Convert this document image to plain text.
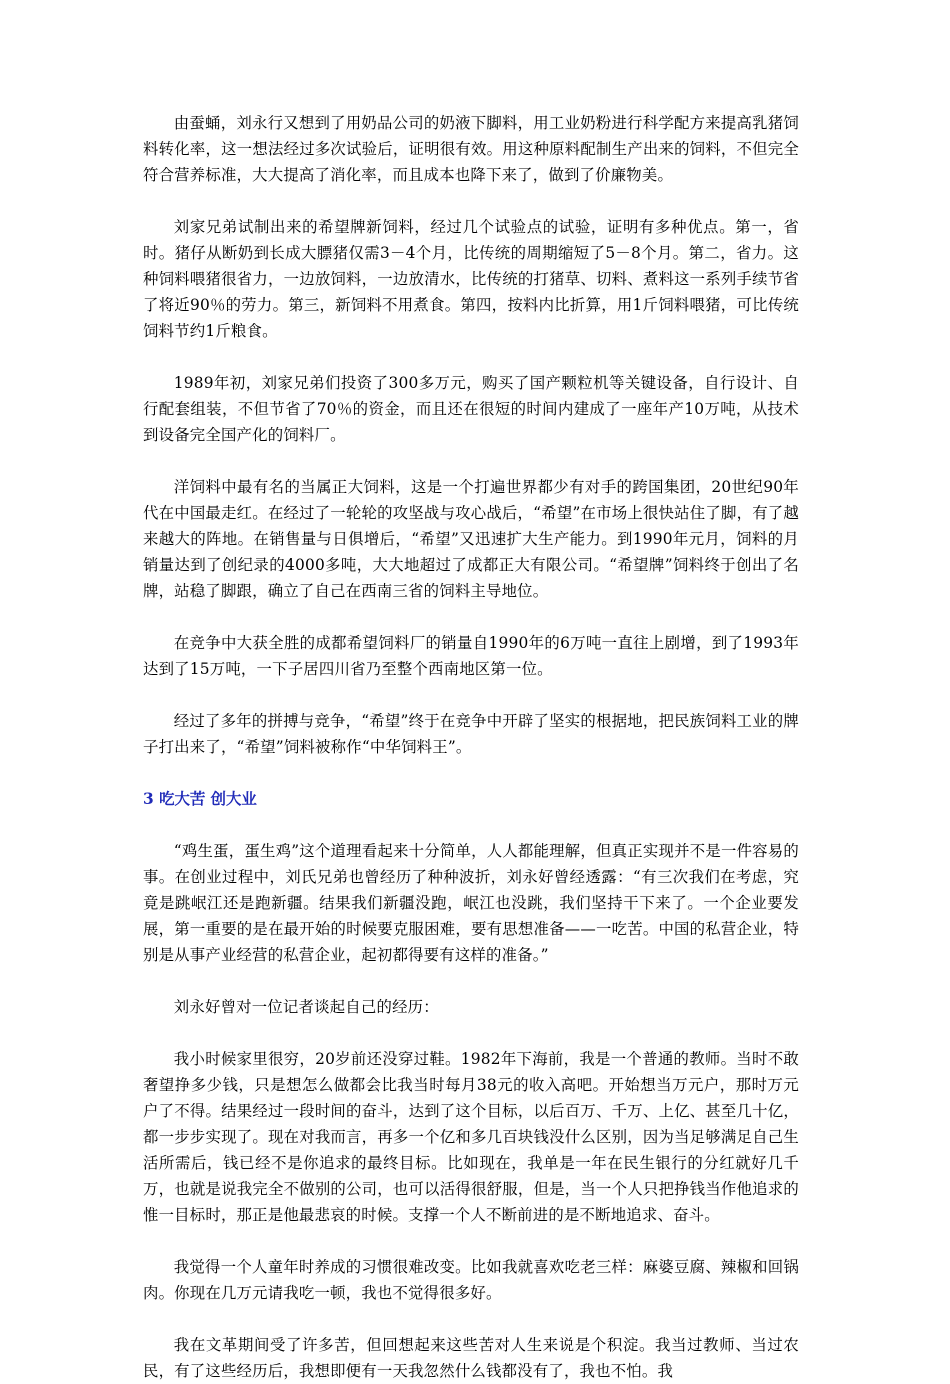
由蚕蛹，刘永行又想到了用奶品公司的奶液下脚料，用工业奶粉进行科学配方来提高乳猪饲料转化率，这一想法经过多次试验后，证明很有效。用这种原料配制生产出来的饲料，不但完全符合营养标准，大大提高了消化率，而且成本也降下来了，做到了价廉物美。

刘家兄弟试制出来的希望牌新饲料，经过几个试验点的试验，证明有多种优点。第一，省时。猪仔从断奶到长成大膘猪仅需3－4个月，比传统的周期缩短了5－8个月。第二，省力。这种饲料喂猪很省力，一边放饲料，一边放清水，比传统的打猪草、切料、煮料这一系列手续节省了将近90％的劳力。第三，新饲料不用煮食。第四，按料内比折算，用1斤饲料喂猪，可比传统饲料节约1斤粮食。

1989年初，刘家兄弟们投资了300多万元，购买了国产颗粒机等关键设备，自行设计、自行配套组装，不但节省了70％的资金，而且还在很短的时间内建成了一座年产10万吨，从技术到设备完全国产化的饲料厂。

洋饲料中最有名的当属正大饲料，这是一个打遍世界都少有对手的跨国集团，20世纪90年代在中国最走红。在经过了一轮轮的攻坚战与攻心战后，“希望”在市场上很快站住了脚，有了越来越大的阵地。在销售量与日俱增后，“希望”又迅速扩大生产能力。到1990年元月，饲料的月销量达到了创纪录的4000多吨，大大地超过了成都正大有限公司。“希望牌”饲料终于创出了名牌，站稳了脚跟，确立了自己在西南三省的饲料主导地位。

在竞争中大获全胜的成都希望饲料厂的销量自1990年的6万吨一直往上剧增，到了1993年达到了15万吨，一下子居四川省乃至整个西南地区第一位。

经过了多年的拼搏与竞争，“希望”终于在竞争中开辟了坚实的根据地，把民族饲料工业的牌子打出来了，“希望”饲料被称作“中华饲料王”。

3 吃大苦 创大业

“鸡生蛋，蛋生鸡”这个道理看起来十分简单，人人都能理解，但真正实现并不是一件容易的事。在创业过程中，刘氏兄弟也曾经历了种种波折，刘永好曾经透露：“有三次我们在考虑，究竟是跳岷江还是跑新疆。结果我们新疆没跑，岷江也没跳，我们坚持干下来了。一个企业要发展，第一重要的是在最开始的时候要克服困难，要有思想准备——一吃苦。中国的私营企业，特别是从事产业经营的私营企业，起初都得要有这样的准备。”

刘永好曾对一位记者谈起自己的经历：

我小时候家里很穷，20岁前还没穿过鞋。1982年下海前，我是一个普通的教师。当时不敢奢望挣多少钱，只是想怎么做都会比我当时每月38元的收入高吧。开始想当万元户，那时万元户了不得。结果经过一段时间的奋斗，达到了这个目标，以后百万、千万、上亿、甚至几十亿，都一步步实现了。现在对我而言，再多一个亿和多几百块钱没什么区别，因为当足够满足自己生活所需后，钱已经不是你追求的最终目标。比如现在，我单是一年在民生银行的分红就好几千万，也就是说我完全不做别的公司，也可以活得很舒服，但是，当一个人只把挣钱当作他追求的惟一目标时，那正是他最悲哀的时候。支撑一个人不断前进的是不断地追求、奋斗。

我觉得一个人童年时养成的习惯很难改变。比如我就喜欢吃老三样：麻婆豆腐、辣椒和回锅肉。你现在几万元请我吃一顿，我也不觉得很多好。

我在文革期间受了许多苦，但回想起来这些苦对人生来说是个积淀。我当过教师、当过农民，有了这些经历后，我想即便有一天我忽然什么钱都没有了，我也不怕。我
